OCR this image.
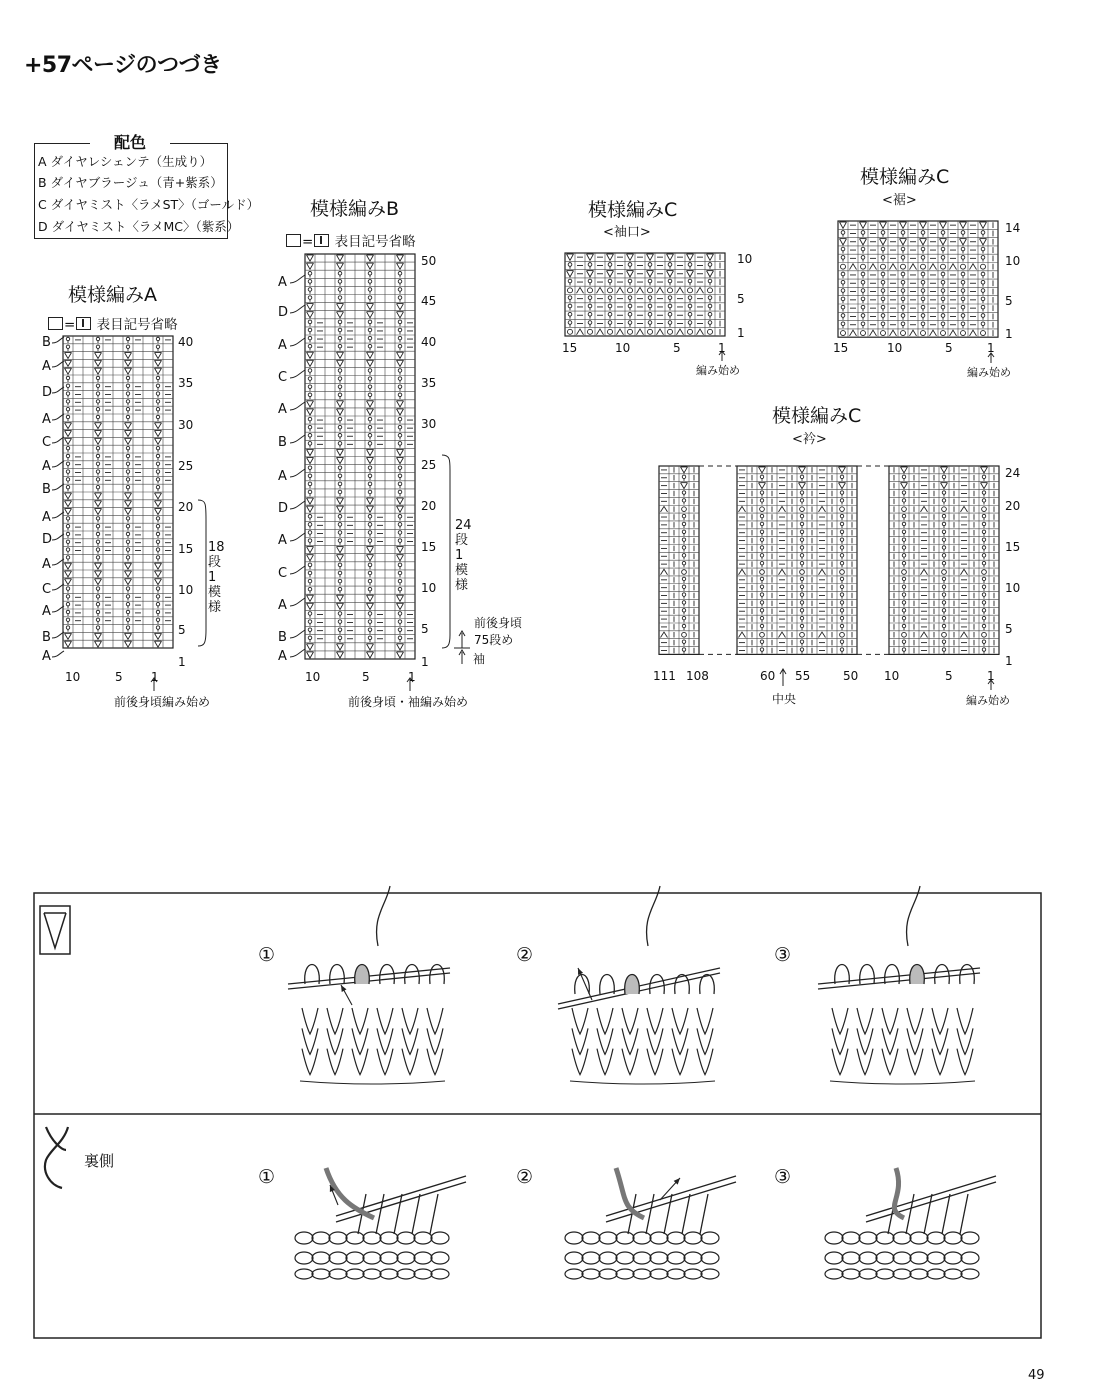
+57ページのつづき
配色
A ダイヤレシェンテ（生成り）
B ダイヤブラージュ（青+紫系）
C ダイヤミスト〈ラメST〉（ゴールド）
D ダイヤミスト〈ラメMC〉（紫系）
模様編みA
= 表目記号省略
B
A
D
A
C
A
B
A
D
A
C
A
B
A
40
35
30
25
20
15
10
5
1
10	5 1
18段1模様
前後身頃編み始め
模様編みB
= 表目記号省略
A
D
A
C
A
B
A
D
A
C
A
B
A
50
45
40
35
30
25
20
15
10
5
1
10	5	1
24段1模様
前後身頃
75段め
袖
前後身頃・袖編み始め
模様編みC
<袖口>
10
5
1
15	10	5	1
編み始め
模様編みC
<裾>
14
10
5
1
15	10	5	1
編み始め
模様編みC
<衿>
24
20
15
10
5
1
111 108	60 55	50 10	5	1
中央	編み始め
①	②	③
裏側
①	②	③
49
